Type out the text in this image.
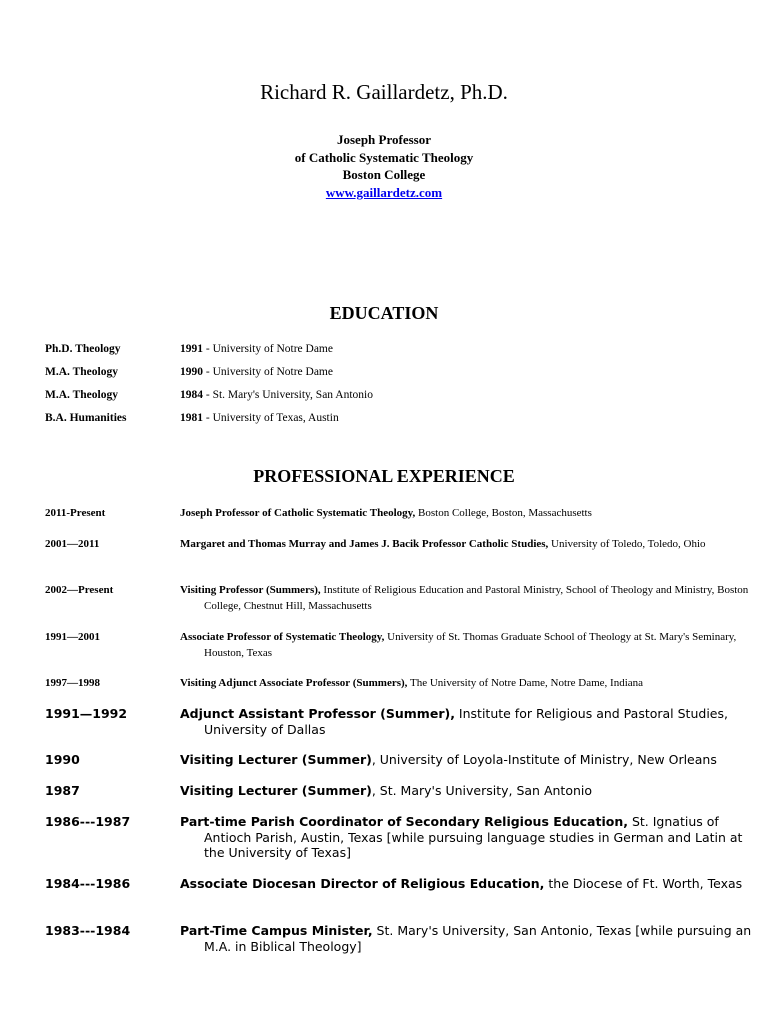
Richard R. Gaillardetz, Ph.D.
Joseph Professor
of Catholic Systematic Theology
Boston College
www.gaillardetz.com
EDUCATION
Ph.D. Theology	1991 - University of Notre Dame
M.A. Theology	1990 - University of Notre Dame
M.A. Theology	1984 - St. Mary's University, San Antonio
B.A. Humanities	1981 - University of Texas, Austin
PROFESSIONAL EXPERIENCE
2011-Present	Joseph Professor of Catholic Systematic Theology, Boston College, Boston, Massachusetts
2001—2011	Margaret and Thomas Murray and James J. Bacik Professor Catholic Studies, University of Toledo, Toledo, Ohio
2002—Present	Visiting Professor (Summers), Institute of Religious Education and Pastoral Ministry, School of Theology and Ministry, Boston College, Chestnut Hill, Massachusetts
1991—2001	Associate Professor of Systematic Theology, University of St. Thomas Graduate School of Theology at St. Mary's Seminary, Houston, Texas
1997—1998	Visiting Adjunct Associate Professor (Summers), The University of Notre Dame, Notre Dame, Indiana
1991—1992	Adjunct Assistant Professor (Summer), Institute for Religious and Pastoral Studies, University of Dallas
1990	Visiting Lecturer (Summer), University of Loyola-Institute of Ministry, New Orleans
1987	Visiting Lecturer (Summer), St. Mary's University, San Antonio
1986---1987	Part-time Parish Coordinator of Secondary Religious Education, St. Ignatius of Antioch Parish, Austin, Texas [while pursuing language studies in German and Latin at the University of Texas]
1984---1986	Associate Diocesan Director of Religious Education, the Diocese of Ft. Worth, Texas
1983---1984	Part-Time Campus Minister, St. Mary's University, San Antonio, Texas [while pursuing an M.A. in Biblical Theology]
